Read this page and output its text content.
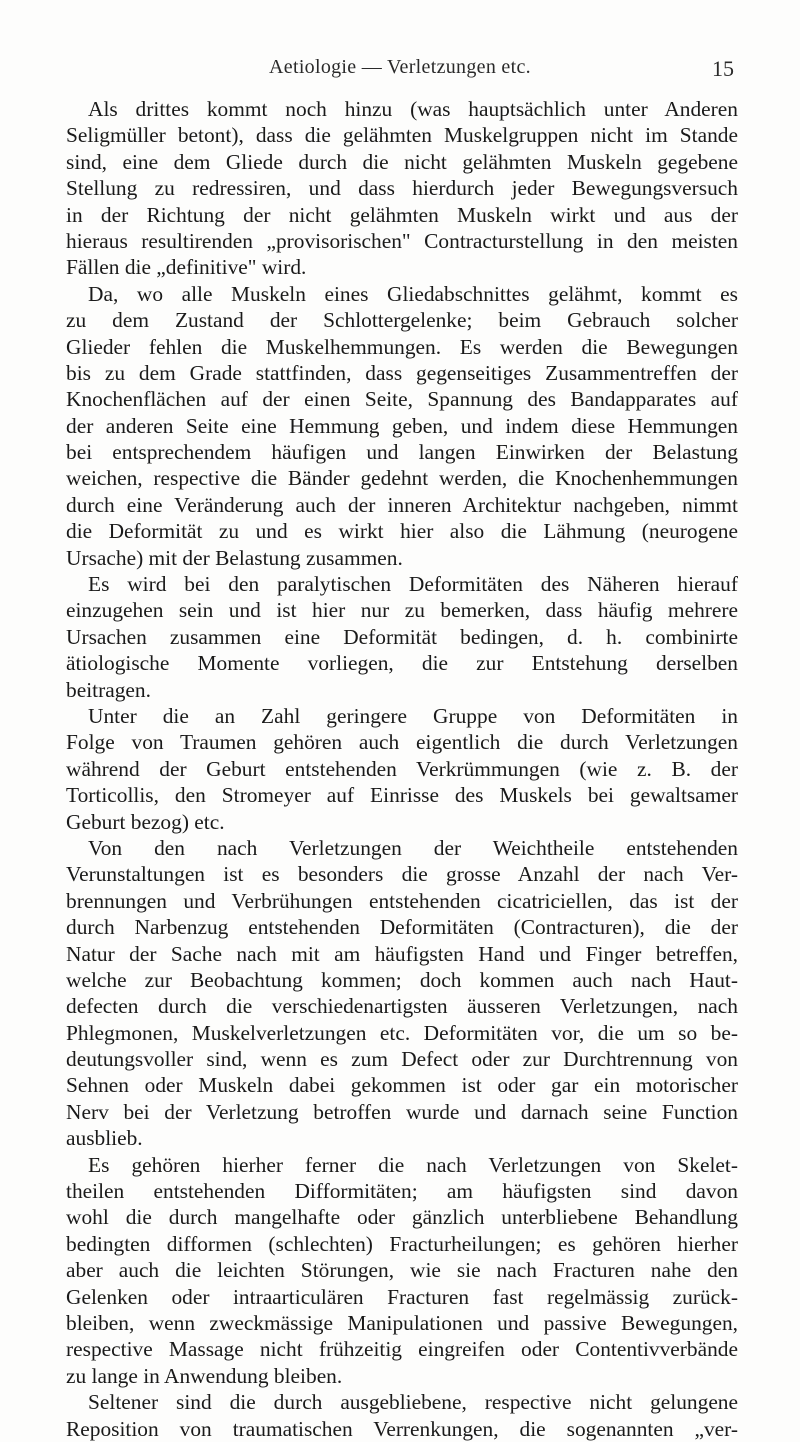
Aetiologie — Verletzungen etc.	15
Als drittes kommt noch hinzu (was hauptsächlich unter Anderen
Seligmüller betont), dass die gelähmten Muskelgruppen nicht im Stande
sind, eine dem Gliede durch die nicht gelähmten Muskeln gegebene
Stellung zu redressiren, und dass hierdurch jeder Bewegungsversuch
in der Richtung der nicht gelähmten Muskeln wirkt und aus der
hieraus resultirenden „provisorischen" Contracturstellung in den meisten
Fällen die „definitive" wird.
Da, wo alle Muskeln eines Gliedabschnittes gelähmt, kommt es
zu dem Zustand der Schlottergelenke; beim Gebrauch solcher
Glieder fehlen die Muskelhemmungen. Es werden die Bewegungen
bis zu dem Grade stattfinden, dass gegenseitiges Zusammentreffen der
Knochenflächen auf der einen Seite, Spannung des Bandapparates auf
der anderen Seite eine Hemmung geben, und indem diese Hemmungen
bei entsprechendem häufigen und langen Einwirken der Belastung
weichen, respective die Bänder gedehnt werden, die Knochenhemmungen
durch eine Veränderung auch der inneren Architektur nachgeben, nimmt
die Deformität zu und es wirkt hier also die Lähmung (neurogene
Ursache) mit der Belastung zusammen.
Es wird bei den paralytischen Deformitäten des Näheren hierauf
einzugehen sein und ist hier nur zu bemerken, dass häufig mehrere
Ursachen zusammen eine Deformität bedingen, d. h. combinirte
ätiologische Momente vorliegen, die zur Entstehung derselben
beitragen.
Unter die an Zahl geringere Gruppe von Deformitäten in
Folge von Traumen gehören auch eigentlich die durch Verletzungen
während der Geburt entstehenden Verkrümmungen (wie z. B. der
Torticollis, den Stromeyer auf Einrisse des Muskels bei gewaltsamer
Geburt bezog) etc.
Von den nach Verletzungen der Weichtheile entstehenden
Verunstaltungen ist es besonders die grosse Anzahl der nach Ver-
brennungen und Verbrühungen entstehenden cicatriciellen, das ist der
durch Narbenzug entstehenden Deformitäten (Contracturen), die der
Natur der Sache nach mit am häufigsten Hand und Finger betreffen,
welche zur Beobachtung kommen; doch kommen auch nach Haut-
defecten durch die verschiedenartigsten äusseren Verletzungen, nach
Phlegmonen, Muskelverletzungen etc. Deformitäten vor, die um so be-
deutungsvoller sind, wenn es zum Defect oder zur Durchtrennung von
Sehnen oder Muskeln dabei gekommen ist oder gar ein motorischer
Nerv bei der Verletzung betroffen wurde und darnach seine Function
ausblieb.
Es gehören hierher ferner die nach Verletzungen von Skelet-
theilen entstehenden Difformitäten; am häufigsten sind davon
wohl die durch mangelhafte oder gänzlich unterbliebene Behandlung
bedingten difformen (schlechten) Fracturheilungen; es gehören hierher
aber auch die leichten Störungen, wie sie nach Fracturen nahe den
Gelenken oder intraarticulären Fracturen fast regelmässig zurück-
bleiben, wenn zweckmässige Manipulationen und passive Bewegungen,
respective Massage nicht frühzeitig eingreifen oder Contentivverbände
zu lange in Anwendung bleiben.
Seltener sind die durch ausgebliebene, respective nicht gelungene
Reposition von traumatischen Verrenkungen, die sogenannten „ver-
